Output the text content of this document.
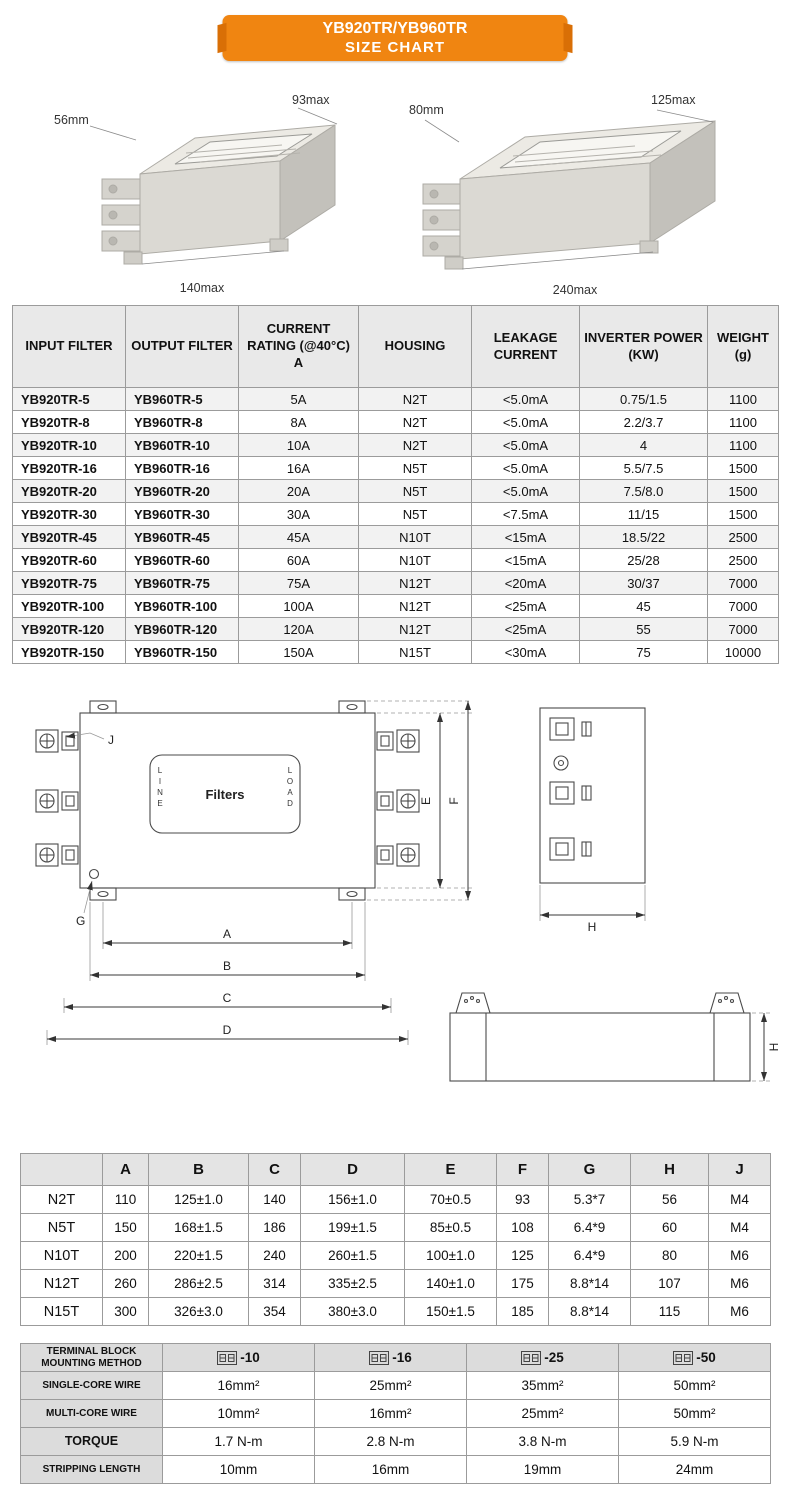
YB920TR/YB960TR
SIZE CHART
56mm
93max
140max
80mm
125max
240max
INPUT FILTER	OUTPUT FILTER	CURRENT RATING (@40°C) A	HOUSING	LEAKAGE CURRENT	INVERTER POWER (KW)	WEIGHT (g)
YB920TR-5	YB960TR-5	5A	N2T	<5.0mA	0.75/1.5	1100
YB920TR-8	YB960TR-8	8A	N2T	<5.0mA	2.2/3.7	1100
YB920TR-10	YB960TR-10	10A	N2T	<5.0mA	4	1100
YB920TR-16	YB960TR-16	16A	N5T	<5.0mA	5.5/7.5	1500
YB920TR-20	YB960TR-20	20A	N5T	<5.0mA	7.5/8.0	1500
YB920TR-30	YB960TR-30	30A	N5T	<7.5mA	11/15	1500
YB920TR-45	YB960TR-45	45A	N10T	<15mA	18.5/22	2500
YB920TR-60	YB960TR-60	60A	N10T	<15mA	25/28	2500
YB920TR-75	YB960TR-75	75A	N12T	<20mA	30/37	7000
YB920TR-100	YB960TR-100	100A	N12T	<25mA	45	7000
YB920TR-120	YB960TR-120	120A	N12T	<25mA	55	7000
YB920TR-150	YB960TR-150	150A	N15T	<30mA	75	10000
Filters
L I N E
L O A D
J
G
A
B
C
D
E F
H
H
	A	B	C	D	E	F	G	H	J
N2T	110	125±1.0	140	156±1.0	70±0.5	93	5.3*7	56	M4
N5T	150	168±1.5	186	199±1.5	85±0.5	108	6.4*9	60	M4
N10T	200	220±1.5	240	260±1.5	100±1.0	125	6.4*9	80	M6
N12T	260	286±2.5	314	335±2.5	140±1.0	175	8.8*14	107	M6
N15T	300	326±3.0	354	380±3.0	150±1.5	185	8.8*14	115	M6
TERMINAL BLOCK MOUNTING METHOD	-10	-16	-25	-50
SINGLE-CORE WIRE	16mm²	25mm²	35mm²	50mm²
MULTI-CORE WIRE	10mm²	16mm²	25mm²	50mm²
TORQUE	1.7 N-m	2.8 N-m	3.8 N-m	5.9 N-m
STRIPPING LENGTH	10mm	16mm	19mm	24mm
